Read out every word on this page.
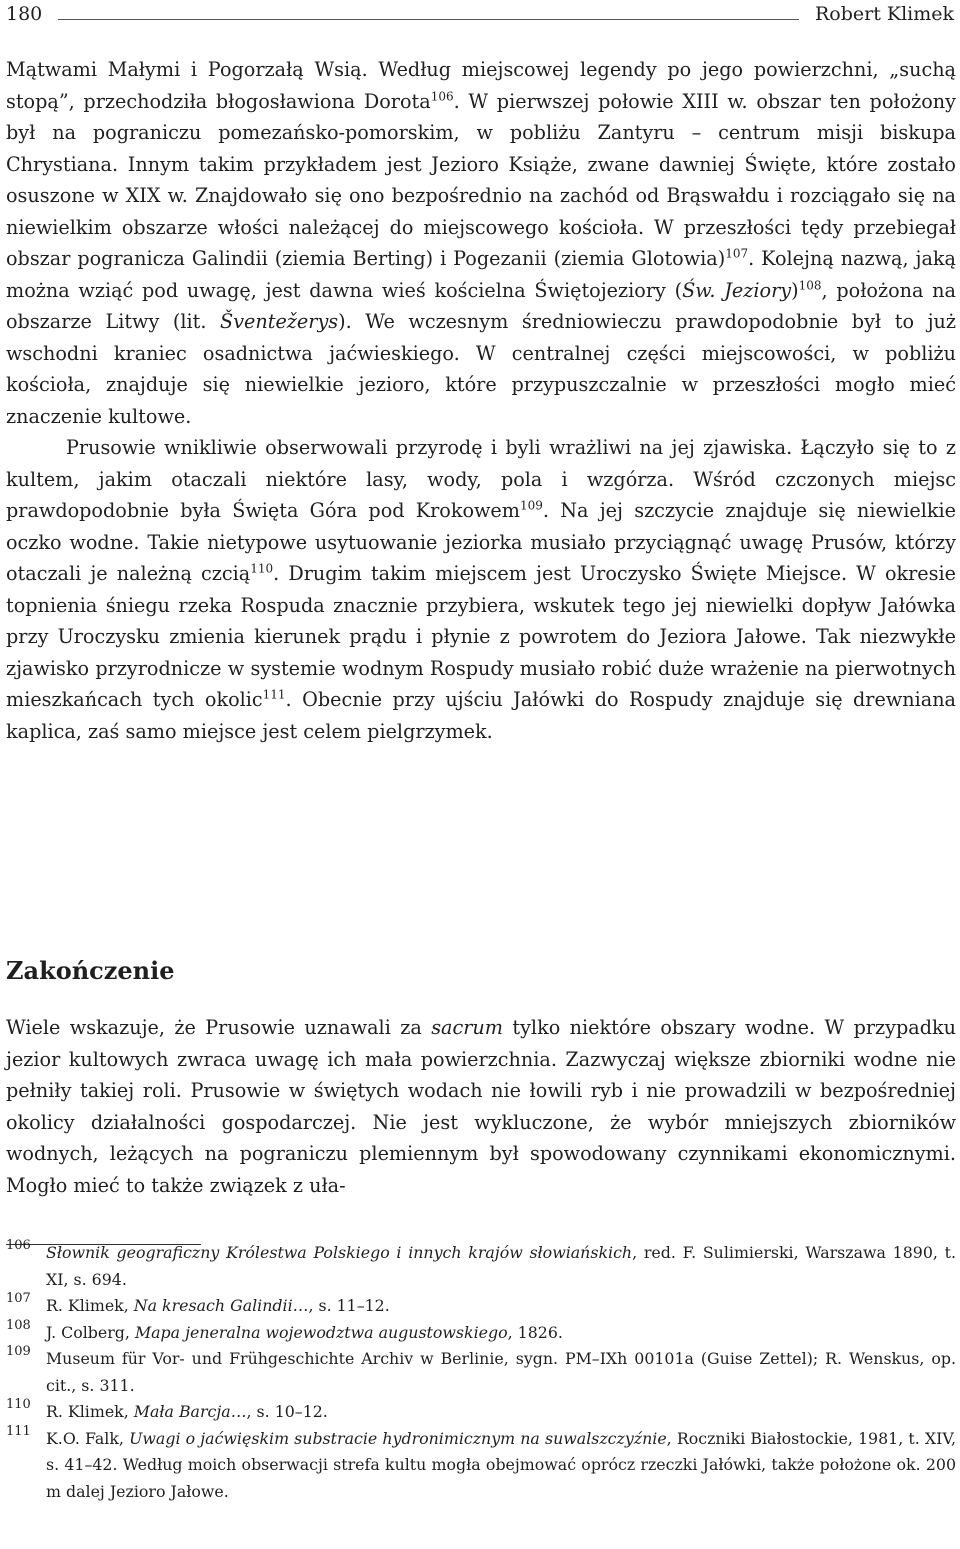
180	Robert Klimek

Mątwami Małymi i Pogorzałą Wsią. Według miejscowej legendy po jego powierzchni, „suchą stopą”, przechodziła błogosławiona Dorota$^{106}$. W pierwszej połowie XIII w. obszar ten położony był na pograniczu pomezańsko-pomorskim, w pobliżu Zantyru – centrum misji biskupa Chrystiana. Innym takim przykładem jest Jezioro Książe, zwane dawniej Święte, które zostało osuszone w XIX w. Znajdowało się ono bezpośrednio na zachód od Brąswałdu i rozciągało się na niewielkim obszarze włości należącej do miejscowego kościoła. W przeszłości tędy przebiegał obszar pogranicza Galindii (ziemia Berting) i Pogezanii (ziemia Glotowia)$^{107}$. Kolejną nazwą, jaką można wziąć pod uwagę, jest dawna wieś kościelna Świętojeziory (Św. Jeziory)$^{108}$, położona na obszarze Litwy (lit. Šventežerys). We wczesnym średniowieczu prawdopodobnie był to już wschodni kraniec osadnictwa jaćwieskiego. W centralnej części miejscowości, w pobliżu kościoła, znajduje się niewielkie jezioro, które przypuszczalnie w przeszłości mogło mieć znaczenie kultowe.

Prusowie wnikliwie obserwowali przyrodę i byli wrażliwi na jej zjawiska. Łączyło się to z kultem, jakim otaczali niektóre lasy, wody, pola i wzgórza. Wśród czczonych miejsc prawdopodobnie była Święta Góra pod Krokowem$^{109}$. Na jej szczycie znajduje się niewielkie oczko wodne. Takie nietypowe usytuowanie jeziorka musiało przyciągnąć uwagę Prusów, którzy otaczali je należną czcią$^{110}$. Drugim takim miejscem jest Uroczysko Święte Miejsce. W okresie topnienia śniegu rzeka Rospuda znacznie przybiera, wskutek tego jej niewielki dopływ Jałówka przy Uroczysku zmienia kierunek prądu i płynie z powrotem do Jeziora Jałowe. Tak niezwykłe zjawisko przyrodnicze w systemie wodnym Rospudy musiało robić duże wrażenie na pierwotnych mieszkańcach tych okolic$^{111}$. Obecnie przy ujściu Jałówki do Rospudy znajduje się drewniana kaplica, zaś samo miejsce jest celem pielgrzymek.

Zakończenie

Wiele wskazuje, że Prusowie uznawali za sacrum tylko niektóre obszary wodne. W przypadku jezior kultowych zwraca uwagę ich mała powierzchnia. Zazwyczaj większe zbiorniki wodne nie pełniły takiej roli. Prusowie w świętych wodach nie łowili ryb i nie prowadzili w bezpośredniej okolicy działalności gospodarczej. Nie jest wykluczone, że wybór mniejszych zbiorników wodnych, leżących na pograniczu plemiennym był spowodowany czynnikami ekonomicznymi. Mogło mieć to także związek z uła-

106 Słownik geograficzny Królestwa Polskiego i innych krajów słowiańskich, red. F. Sulimierski, Warszawa 1890, t. XI, s. 694.
107 R. Klimek, Na kresach Galindii…, s. 11–12.
108 J. Colberg, Mapa jeneralna wojewodztwa augustowskiego, 1826.
109 Museum für Vor- und Frühgeschichte Archiv w Berlinie, sygn. PM–IXh 00101a (Guise Zettel); R. Wenskus, op. cit., s. 311.
110 R. Klimek, Mała Barcja…, s. 10–12.
111 K.O. Falk, Uwagi o jaćwięskim substracie hydronimicznym na suwalszczyźnie, Roczniki Białostockie, 1981, t. XIV, s. 41–42. Według moich obserwacji strefa kultu mogła obejmować oprócz rzeczki Jałówki, także położone ok. 200 m dalej Jezioro Jałowe.
